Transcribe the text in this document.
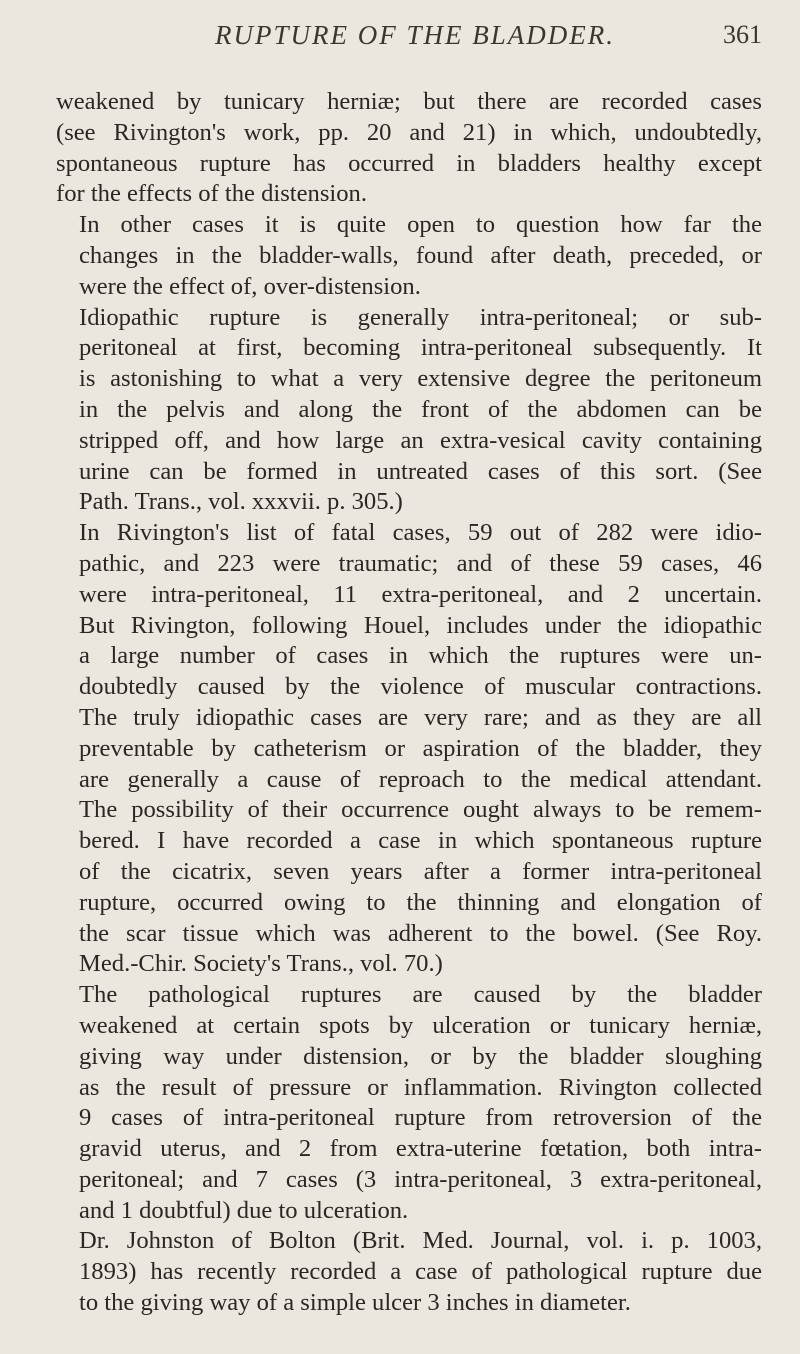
RUPTURE OF THE BLADDER.	361

weakened by tunicary herniæ; but there are recorded cases
(see Rivington's work, pp. 20 and 21) in which, undoubtedly,
spontaneous rupture has occurred in bladders healthy except
for the effects of the distension.

In other cases it is quite open to question how far the
changes in the bladder-walls, found after death, preceded, or
were the effect of, over-distension.

Idiopathic rupture is generally intra-peritoneal; or sub-
peritoneal at first, becoming intra-peritoneal subsequently. It
is astonishing to what a very extensive degree the peritoneum
in the pelvis and along the front of the abdomen can be
stripped off, and how large an extra-vesical cavity containing
urine can be formed in untreated cases of this sort. (See
Path. Trans., vol. xxxvii. p. 305.)

In Rivington's list of fatal cases, 59 out of 282 were idio-
pathic, and 223 were traumatic; and of these 59 cases, 46
were intra-peritoneal, 11 extra-peritoneal, and 2 uncertain.
But Rivington, following Houel, includes under the idiopathic
a large number of cases in which the ruptures were un-
doubtedly caused by the violence of muscular contractions.
The truly idiopathic cases are very rare; and as they are all
preventable by catheterism or aspiration of the bladder, they
are generally a cause of reproach to the medical attendant.
The possibility of their occurrence ought always to be remem-
bered. I have recorded a case in which spontaneous rupture
of the cicatrix, seven years after a former intra-peritoneal
rupture, occurred owing to the thinning and elongation of
the scar tissue which was adherent to the bowel. (See Roy.
Med.-Chir. Society's Trans., vol. 70.)

The pathological ruptures are caused by the bladder
weakened at certain spots by ulceration or tunicary herniæ,
giving way under distension, or by the bladder sloughing
as the result of pressure or inflammation. Rivington collected
9 cases of intra-peritoneal rupture from retroversion of the
gravid uterus, and 2 from extra-uterine fœtation, both intra-
peritoneal; and 7 cases (3 intra-peritoneal, 3 extra-peritoneal,
and 1 doubtful) due to ulceration.

Dr. Johnston of Bolton (Brit. Med. Journal, vol. i. p. 1003,
1893) has recently recorded a case of pathological rupture due
to the giving way of a simple ulcer 3 inches in diameter.
